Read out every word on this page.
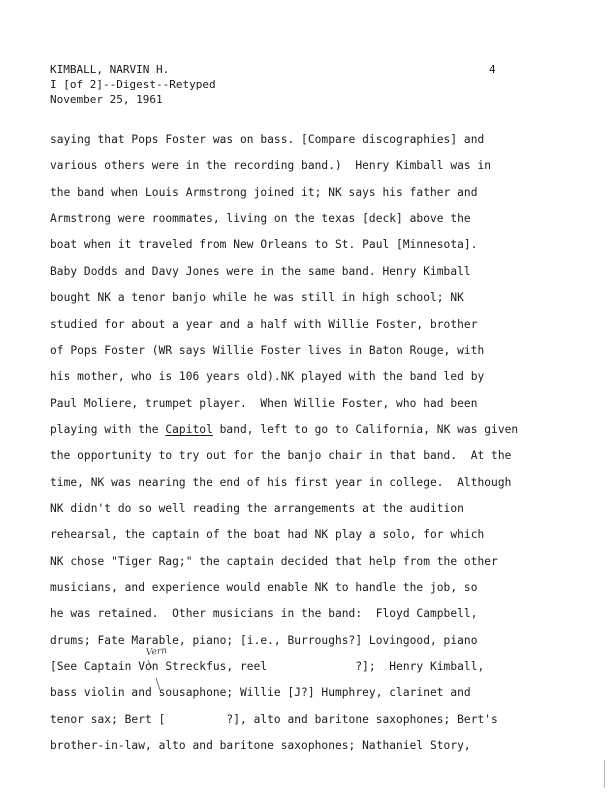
KIMBALL, NARVIN H.	4
I [of 2]--Digest--Retyped
November 25, 1961
saying that Pops Foster was on bass. [Compare discographies] and
various others were in the recording band.)  Henry Kimball was in
the band when Louis Armstrong joined it; NK says his father and
Armstrong were roommates, living on the texas [deck] above the
boat when it traveled from New Orleans to St. Paul [Minnesota].
Baby Dodds and Davy Jones were in the same band. Henry Kimball
bought NK a tenor banjo while he was still in high school; NK
studied for about a year and a half with Willie Foster, brother
of Pops Foster (WR says Willie Foster lives in Baton Rouge, with
his mother, who is 106 years old).NK played with the band led by
Paul Moliere, trumpet player.  When Willie Foster, who had been
playing with the Capitol band, left to go to California, NK was given
the opportunity to try out for the banjo chair in that band.  At the
time, NK was nearing the end of his first year in college.  Although
NK didn't do so well reading the arrangements at the audition
rehearsal, the captain of the boat had NK play a solo, for which
NK chose "Tiger Rag;" the captain decided that help from the other
musicians, and experience would enable NK to handle the job, so
he was retained.  Other musicians in the band:  Floyd Campbell,
drums; Fate Marable, piano; [i.e., Burroughs?] Lovingood, piano
[See Captain Von Streckfus, reel             ?];  Henry Kimball,
bass violin and sousaphone; Willie [J?] Humphrey, clarinet and
tenor sax; Bert [         ?], alto and baritone saxophones; Bert's
brother-in-law, alto and baritone saxophones; Nathaniel Story,
Vern
